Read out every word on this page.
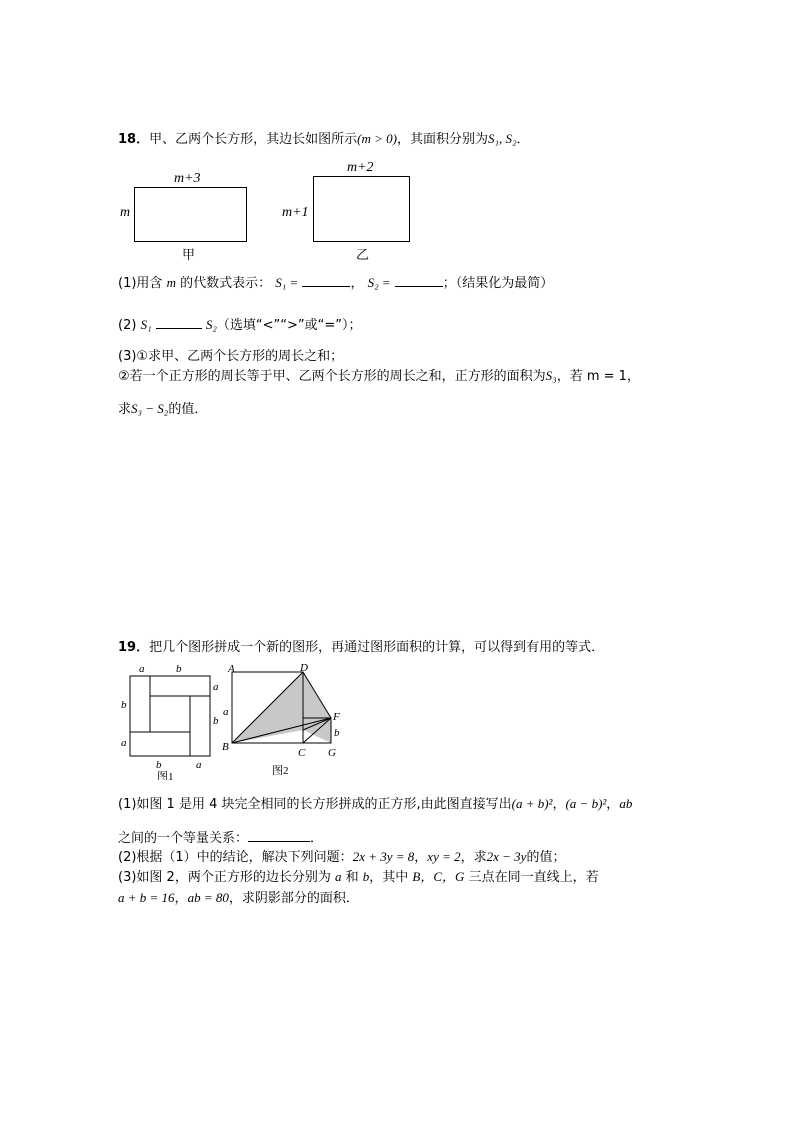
18．甲、乙两个长方形，其边长如图所示(m > 0)，其面积分别为S₁, S₂．
m+3
m
甲
m+2
m+1
乙
(1)用含 m 的代数式表示： S₁ =	， S₂ =	；（结果化为最简）
(2) S₁	S₂（选填“<”“>”或“=”）；
(3)①求甲、乙两个长方形的周长之和；
②若一个正方形的周长等于甲、乙两个长方形的周长之和，正方形的面积为S₃，若 m = 1，
求S₃ − S₂的值．
19．把几个图形拼成一个新的图形，再通过图形面积的计算，可以得到有用的等式．
a	b
a
b
b
a
b	a
图1
A	D
F
B	C G
a
b
图2
(1)如图 1 是用 4 块完全相同的长方形拼成的正方形,由此图直接写出(a + b)²，(a − b)²，ab
之间的一个等量关系：	．
(2)根据（1）中的结论，解决下列问题：2x + 3y = 8，xy = 2，求2x − 3y的值；
(3)如图 2，两个正方形的边长分别为 a 和 b，其中 B，C，G 三点在同一直线上，若
a + b = 16，ab = 80，求阴影部分的面积．
